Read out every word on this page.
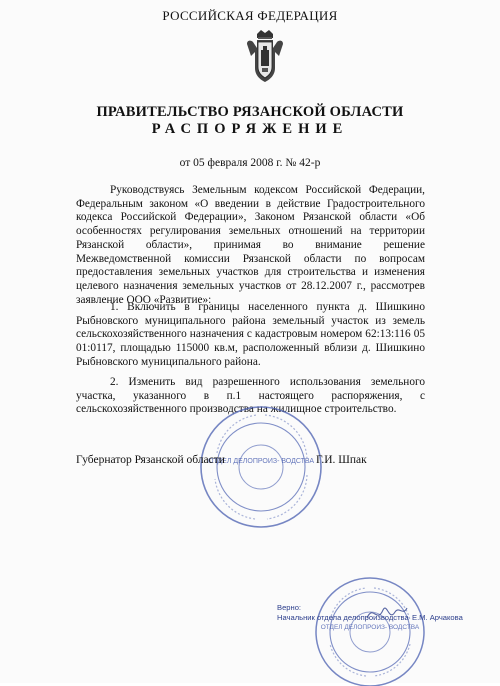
РОССИЙСКАЯ ФЕДЕРАЦИЯ
ПРАВИТЕЛЬСТВО РЯЗАНСКОЙ ОБЛАСТИ
РАСПОРЯЖЕНИЕ
от 05 февраля 2008 г. № 42-р

Руководствуясь Земельным кодексом Российской Федерации, Федеральным законом «О введении в действие Градостроительного кодекса Российской Федерации», Законом Рязанской области «Об особенностях регулирования земельных отношений на территории Рязанской области», принимая во внимание решение Межведомственной комиссии Рязанской области по вопросам предоставления земельных участков для строительства и изменения целевого назначения земельных участков от 28.12.2007 г., рассмотрев заявление ООО «Развитие»:

1. Включить в границы населенного пункта д. Шишкино Рыбновского муниципального района земельный участок из земель сельскохозяйственного назначения с кадастровым номером 62:13:116 05 01:0117, площадью 115000 кв.м, расположенный вблизи д. Шишкино Рыбновского муниципального района.

2. Изменить вид разрешенного использования земельного участка, указанного в п.1 настоящего распоряжения, с сельскохозяйственного производства на жилищное строительство.

ОТДЕЛ ДЕЛОПРОИЗ- ВОДСТВА
Губернатор Рязанской области	Г.И. Шпак
ОТДЕЛ ДЕЛОПРОИЗ- ВОДСТВА
Верно:
Начальник отдела делопроизводства Е.М. Арчакова
